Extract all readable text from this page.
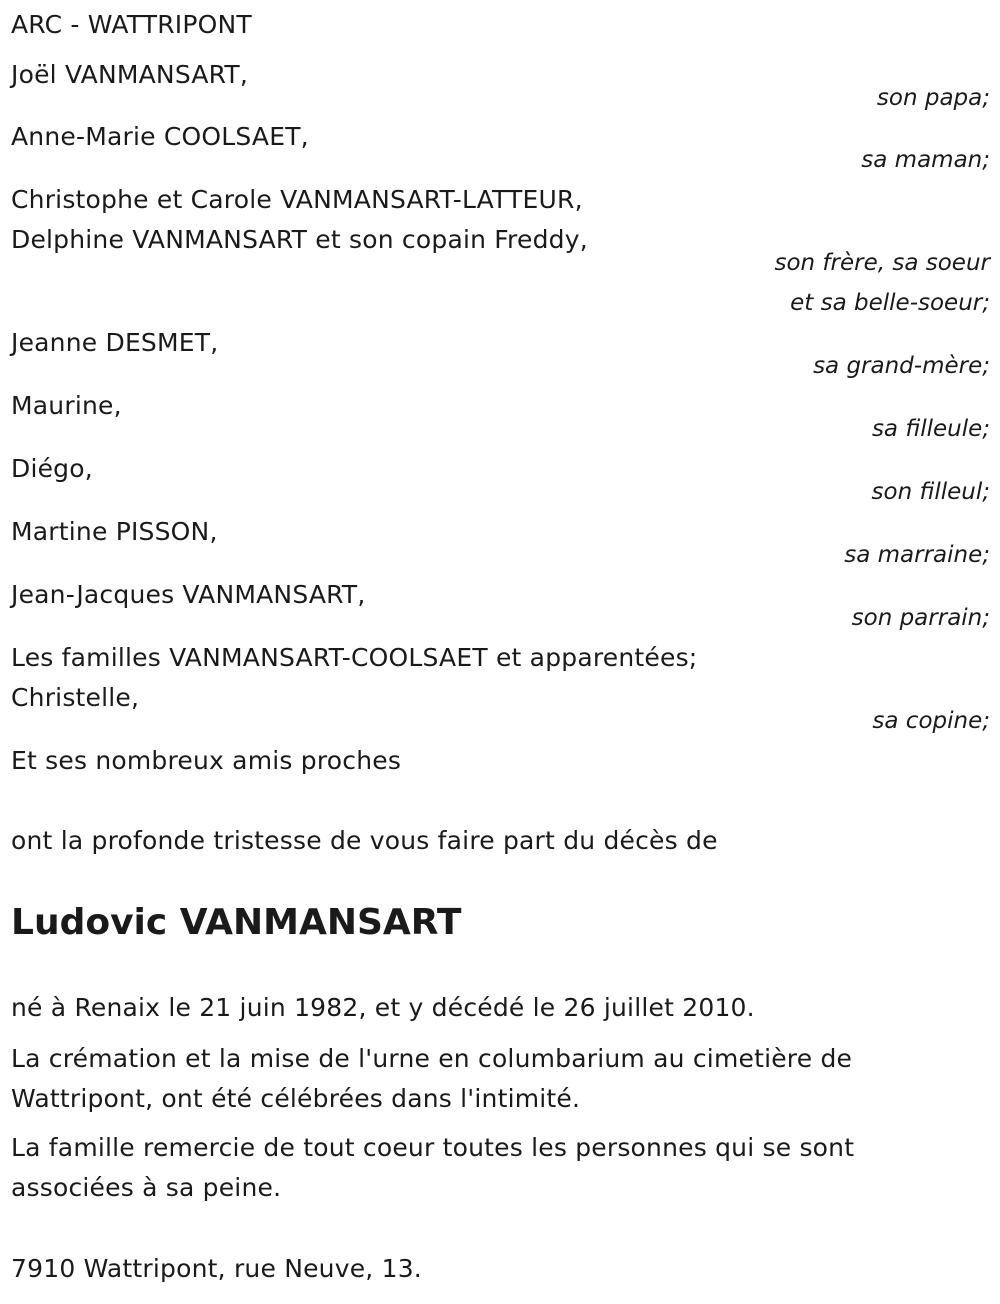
ARC - WATTRIPONT
Joël VANMANSART,
son papa;
Anne-Marie COOLSAET,
sa maman;
Christophe et Carole VANMANSART-LATTEUR,
Delphine VANMANSART et son copain Freddy,
son frère, sa soeur
et sa belle-soeur;
Jeanne DESMET,
sa grand-mère;
Maurine,
sa filleule;
Diégo,
son filleul;
Martine PISSON,
sa marraine;
Jean-Jacques VANMANSART,
son parrain;
Les familles VANMANSART-COOLSAET et apparentées;
Christelle,
sa copine;
Et ses nombreux amis proches
ont la profonde tristesse de vous faire part du décès de
Ludovic VANMANSART
né à Renaix le 21 juin 1982, et y décédé le 26 juillet 2010.
La crémation et la mise de l'urne en columbarium au cimetière de
Wattripont, ont été célébrées dans l'intimité.
La famille remercie de tout coeur toutes les personnes qui se sont
associées à sa peine.
7910 Wattripont, rue Neuve, 13.
